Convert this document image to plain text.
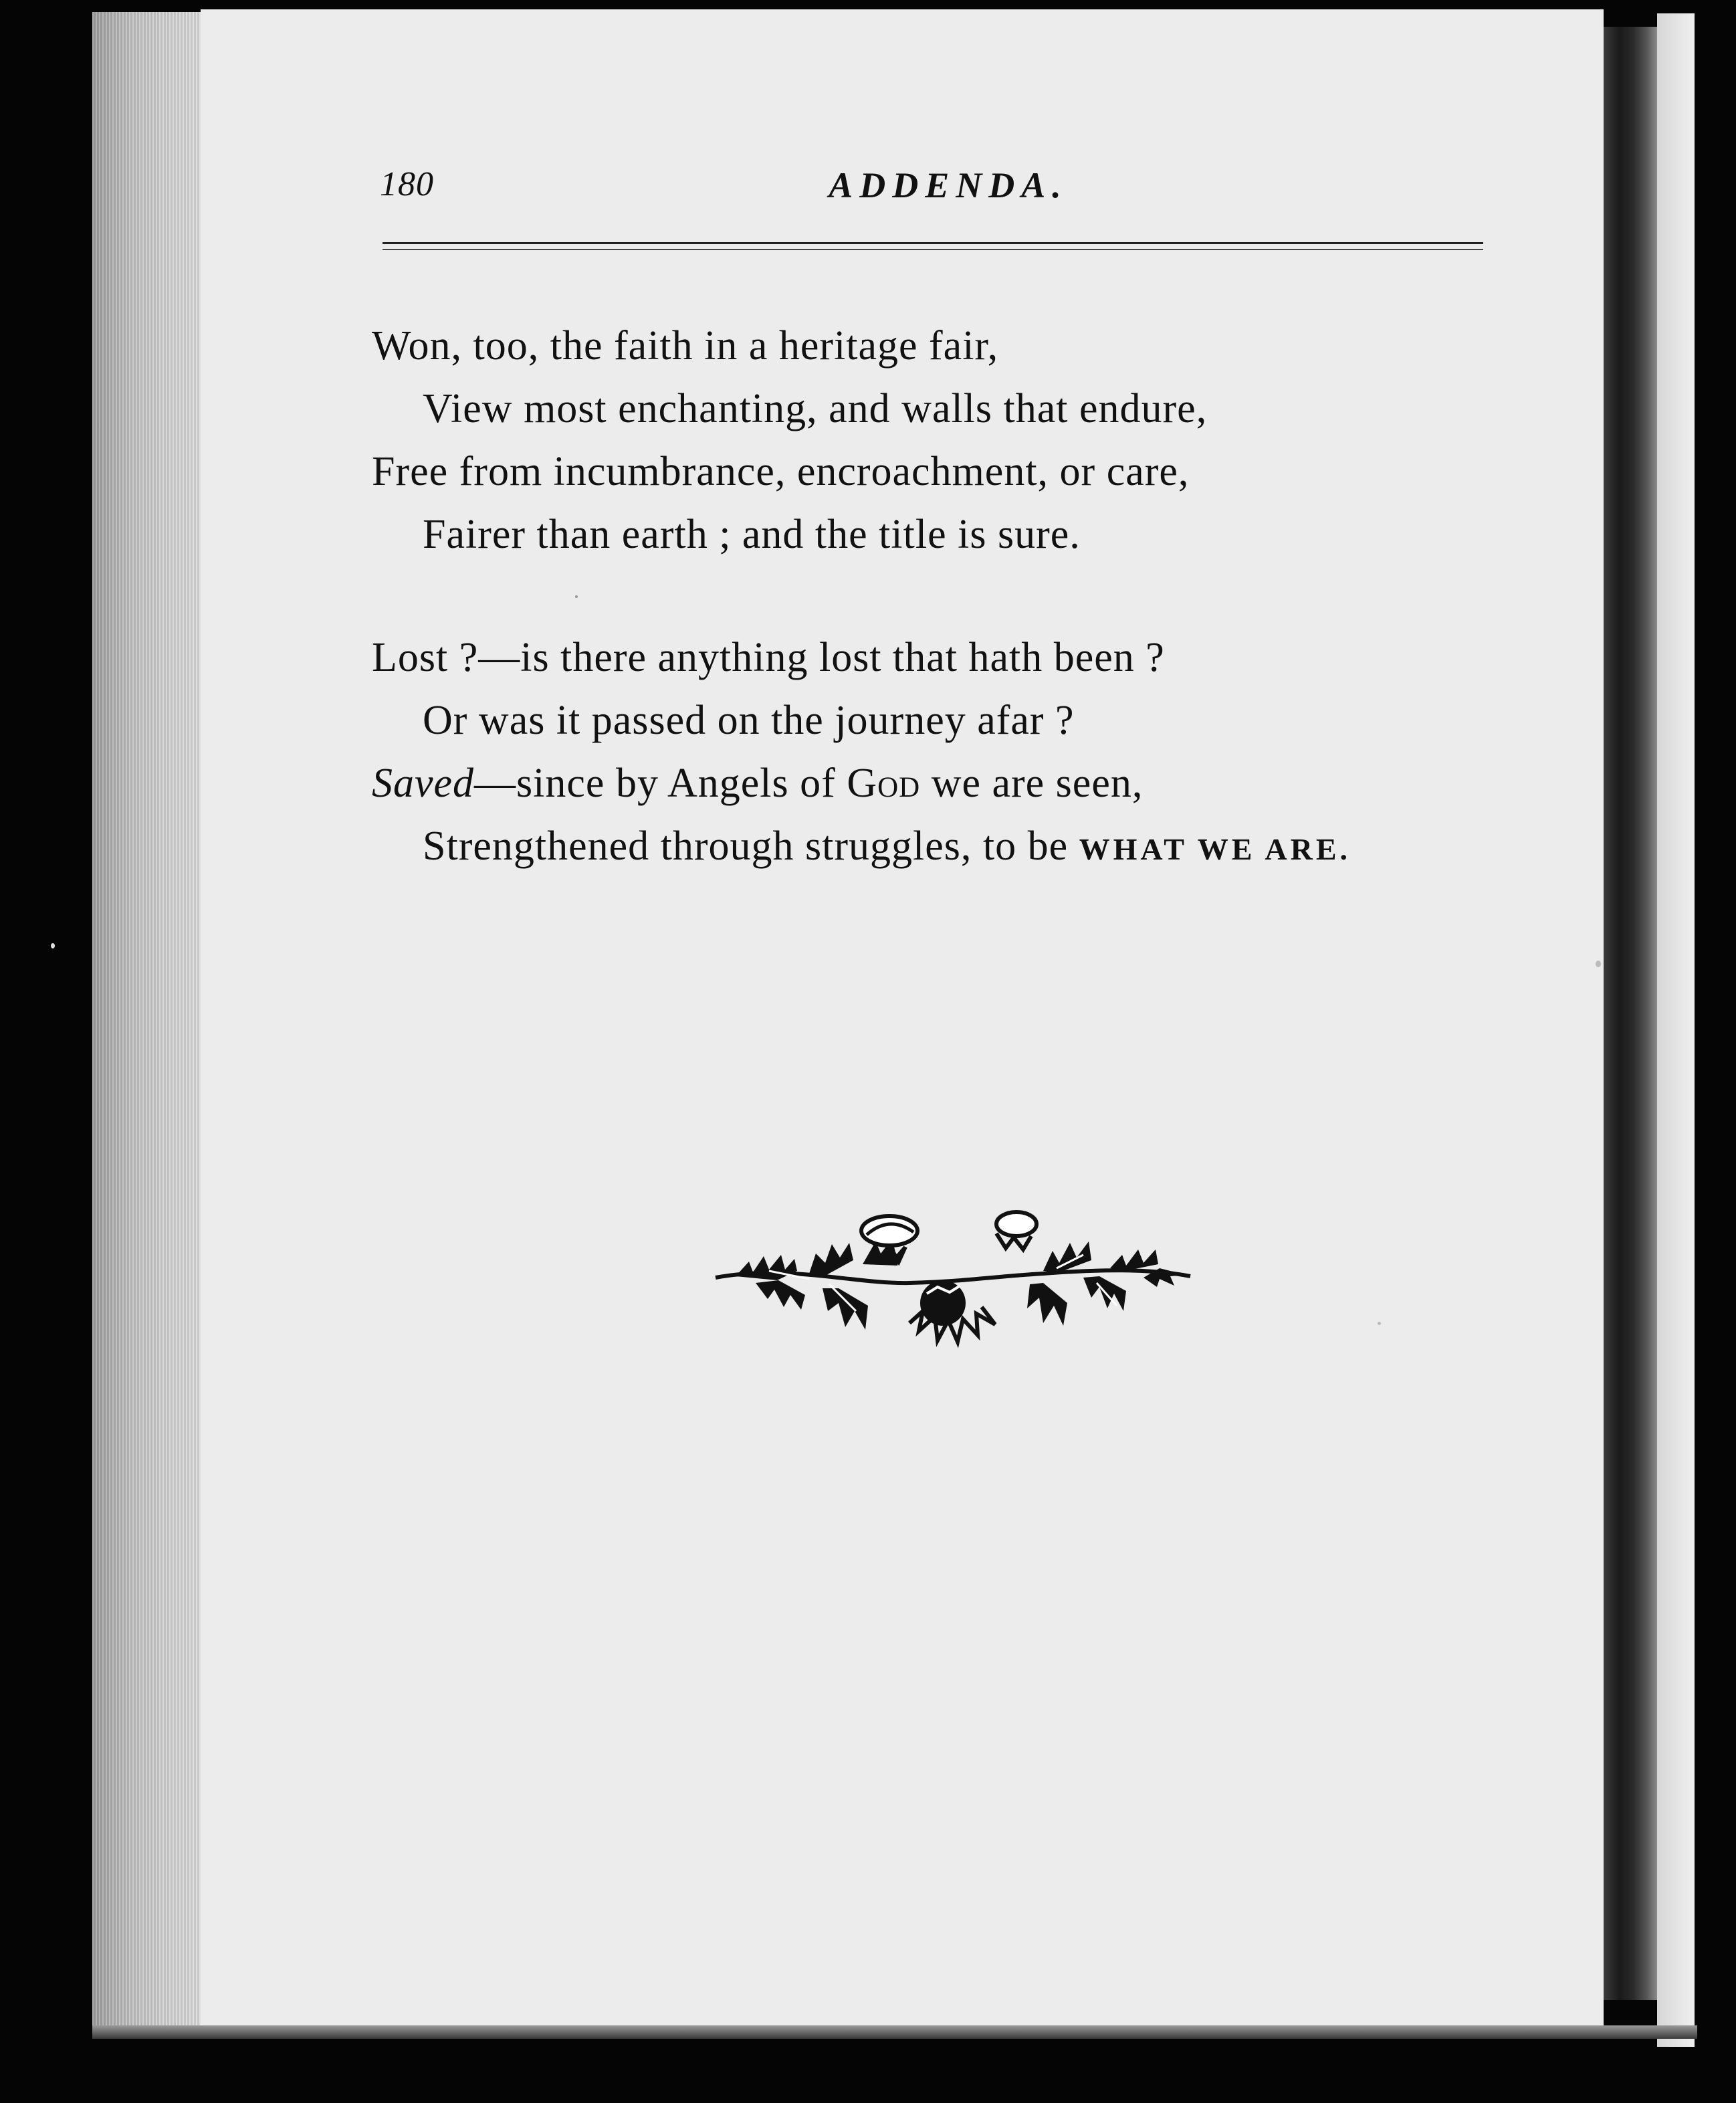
180	ADDENDA.
Won, too, the faith in a heritage fair,
View most enchanting, and walls that endure,
Free from incumbrance, encroachment, or care,
Fairer than earth ; and the title is sure.
Lost ?—is there anything lost that hath been ?
Or was it passed on the journey afar ?
Saved—since by Angels of God we are seen,
Strengthened through struggles, to be WHAT WE ARE.
